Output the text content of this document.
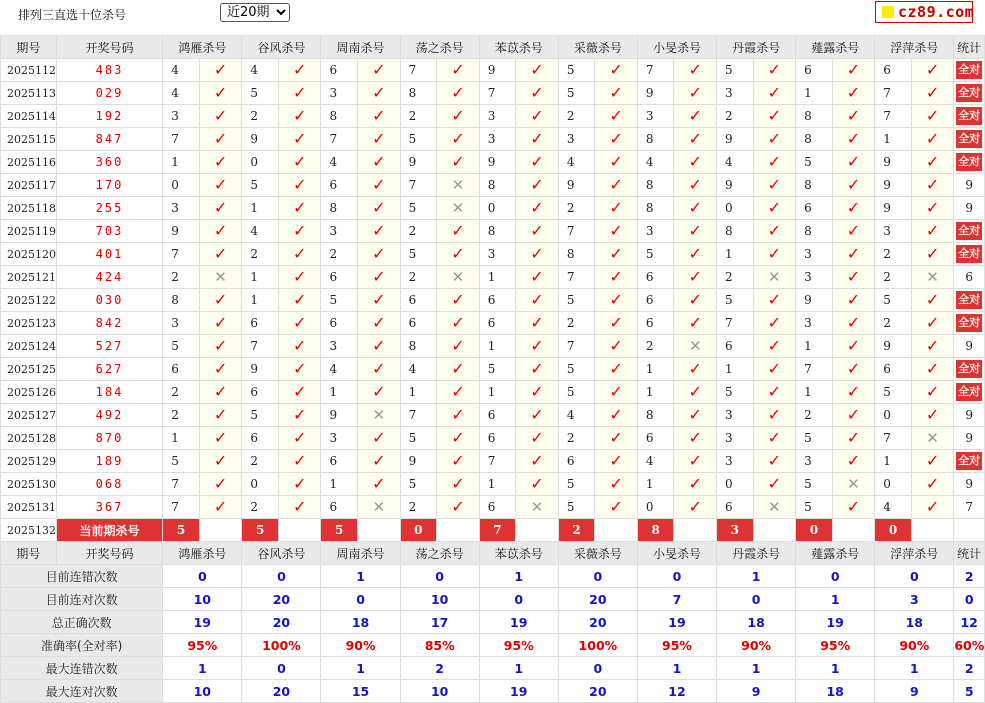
排列三直选十位杀号
近20期	cz89.com
期号	开奖号码	鸿雁杀号		谷风杀号		周南杀号		荡之杀号		苯苡杀号		采薇杀号		小旻杀号		丹霞杀号		薤露杀号		浮萍杀号		统计
2025112	483	4	✓	4	✓	6	✓	7	✓	9	✓	5	✓	7	✓	5	✓	6	✓	6	✓	全对
2025113	029	4	✓	5	✓	3	✓	8	✓	7	✓	5	✓	9	✓	3	✓	1	✓	7	✓	全对
2025114	192	3	✓	2	✓	8	✓	2	✓	3	✓	2	✓	3	✓	2	✓	8	✓	7	✓	全对
2025115	847	7	✓	9	✓	7	✓	5	✓	3	✓	3	✓	8	✓	9	✓	8	✓	1	✓	全对
2025116	360	1	✓	0	✓	4	✓	9	✓	9	✓	4	✓	4	✓	4	✓	5	✓	9	✓	全对
2025117	170	0	✓	5	✓	6	✓	7	✕	8	✓	9	✓	8	✓	9	✓	8	✓	9	✓	9
2025118	255	3	✓	1	✓	8	✓	5	✕	0	✓	2	✓	8	✓	0	✓	6	✓	9	✓	9
2025119	703	9	✓	4	✓	3	✓	2	✓	8	✓	7	✓	3	✓	8	✓	8	✓	3	✓	全对
2025120	401	7	✓	2	✓	2	✓	5	✓	3	✓	8	✓	5	✓	1	✓	3	✓	2	✓	全对
2025121	424	2	✕	1	✓	6	✓	2	✕	1	✓	7	✓	6	✓	2	✕	3	✓	2	✕	6
2025122	030	8	✓	1	✓	5	✓	6	✓	6	✓	5	✓	6	✓	5	✓	9	✓	5	✓	全对
2025123	842	3	✓	6	✓	6	✓	6	✓	6	✓	2	✓	6	✓	7	✓	3	✓	2	✓	全对
2025124	527	5	✓	7	✓	3	✓	8	✓	1	✓	7	✓	2	✕	6	✓	1	✓	9	✓	9
2025125	627	6	✓	9	✓	4	✓	4	✓	5	✓	5	✓	1	✓	1	✓	7	✓	6	✓	全对
2025126	184	2	✓	6	✓	1	✓	1	✓	1	✓	5	✓	1	✓	5	✓	1	✓	5	✓	全对
2025127	492	2	✓	5	✓	9	✕	7	✓	6	✓	4	✓	8	✓	3	✓	2	✓	0	✓	9
2025128	870	1	✓	6	✓	3	✓	5	✓	6	✓	2	✓	6	✓	3	✓	5	✓	7	✕	9
2025129	189	5	✓	2	✓	6	✓	9	✓	7	✓	6	✓	4	✓	3	✓	3	✓	1	✓	全对
2025130	068	7	✓	0	✓	1	✓	5	✓	1	✓	5	✓	1	✓	0	✓	5	✕	0	✓	9
2025131	367	7	✓	2	✓	6	✕	2	✓	6	✕	5	✓	0	✓	6	✕	5	✓	4	✓	7
2025132	当前期杀号	5		5		5		0		7		2		8		3		0		0		
期号	开奖号码	鸿雁杀号		谷风杀号		周南杀号		荡之杀号		苯苡杀号		采薇杀号		小旻杀号		丹霞杀号		薤露杀号		浮萍杀号		统计
目前连错次数		0		0		1		0		1		0		0		1		0		0		2
目前连对次数		10		20		0		10		0		20		7		0		1		3		0
总正确次数		19		20		18		17		19		20		19		18		19		18		12
准确率(全对率)		95%		100%		90%		85%		95%		100%		95%		90%		95%		90%		60%
最大连错次数		1		0		1		2		1		0		1		1		1		1		2
最大连对次数		10		20		15		10		19		20		12		9		18		9		5
